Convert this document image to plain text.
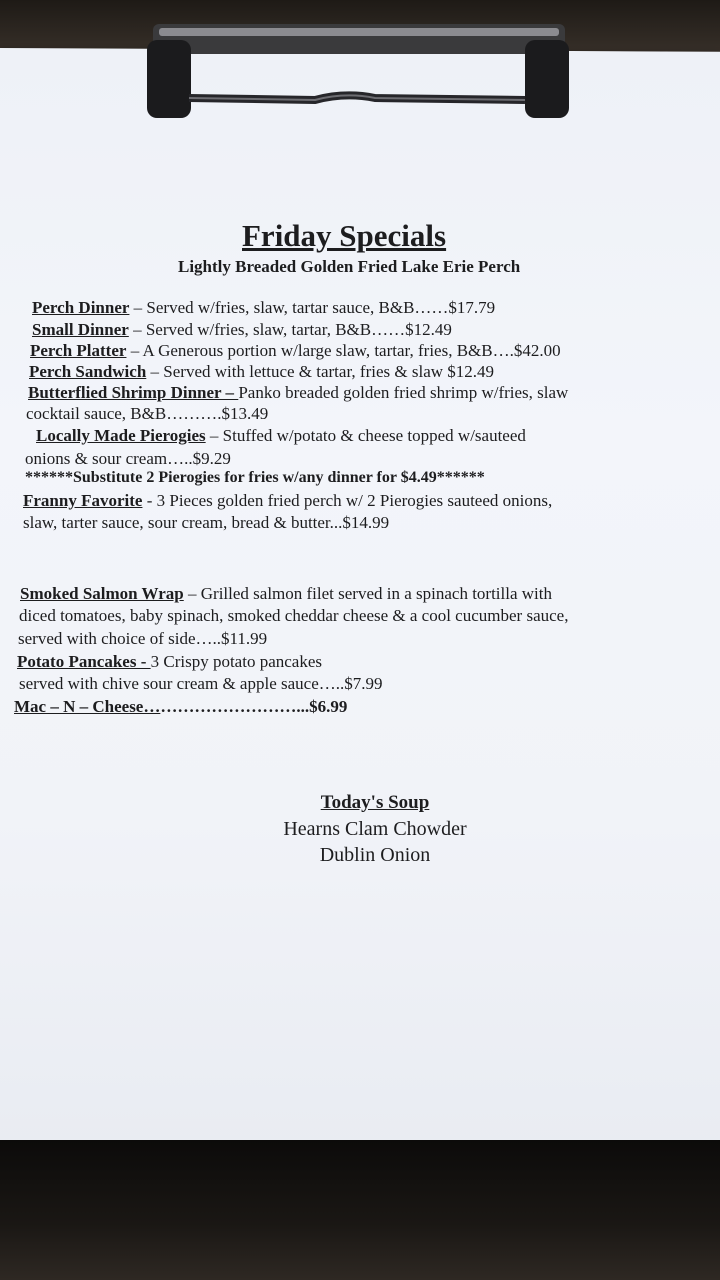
Friday Specials
Lightly Breaded Golden Fried Lake Erie Perch
Perch Dinner – Served w/fries, slaw, tartar sauce, B&B……$17.79
Small Dinner – Served w/fries, slaw, tartar, B&B……$12.49
Perch Platter – A Generous portion w/large slaw, tartar, fries, B&B….$42.00
Perch Sandwich – Served with lettuce & tartar, fries & slaw $12.49
Butterflied Shrimp Dinner – Panko breaded golden fried shrimp w/fries, slaw
cocktail sauce, B&B……….$13.49
Locally Made Pierogies – Stuffed w/potato & cheese topped w/sauteed
onions & sour cream…..$9.29
******Substitute 2 Pierogies for fries w/any dinner for $4.49******
Franny Favorite - 3 Pieces golden fried perch w/ 2 Pierogies sauteed onions,
slaw, tarter sauce, sour cream, bread & butter...$14.99
Smoked Salmon Wrap – Grilled salmon filet served in a spinach tortilla with
diced tomatoes, baby spinach, smoked cheddar cheese & a cool cucumber sauce,
served with choice of side…..$11.99
Potato Pancakes - 3 Crispy potato pancakes
served with chive sour cream & apple sauce…..$7.99
Mac – N – Cheese………………………...$6.99
Today's Soup
Hearns Clam Chowder
Dublin Onion
